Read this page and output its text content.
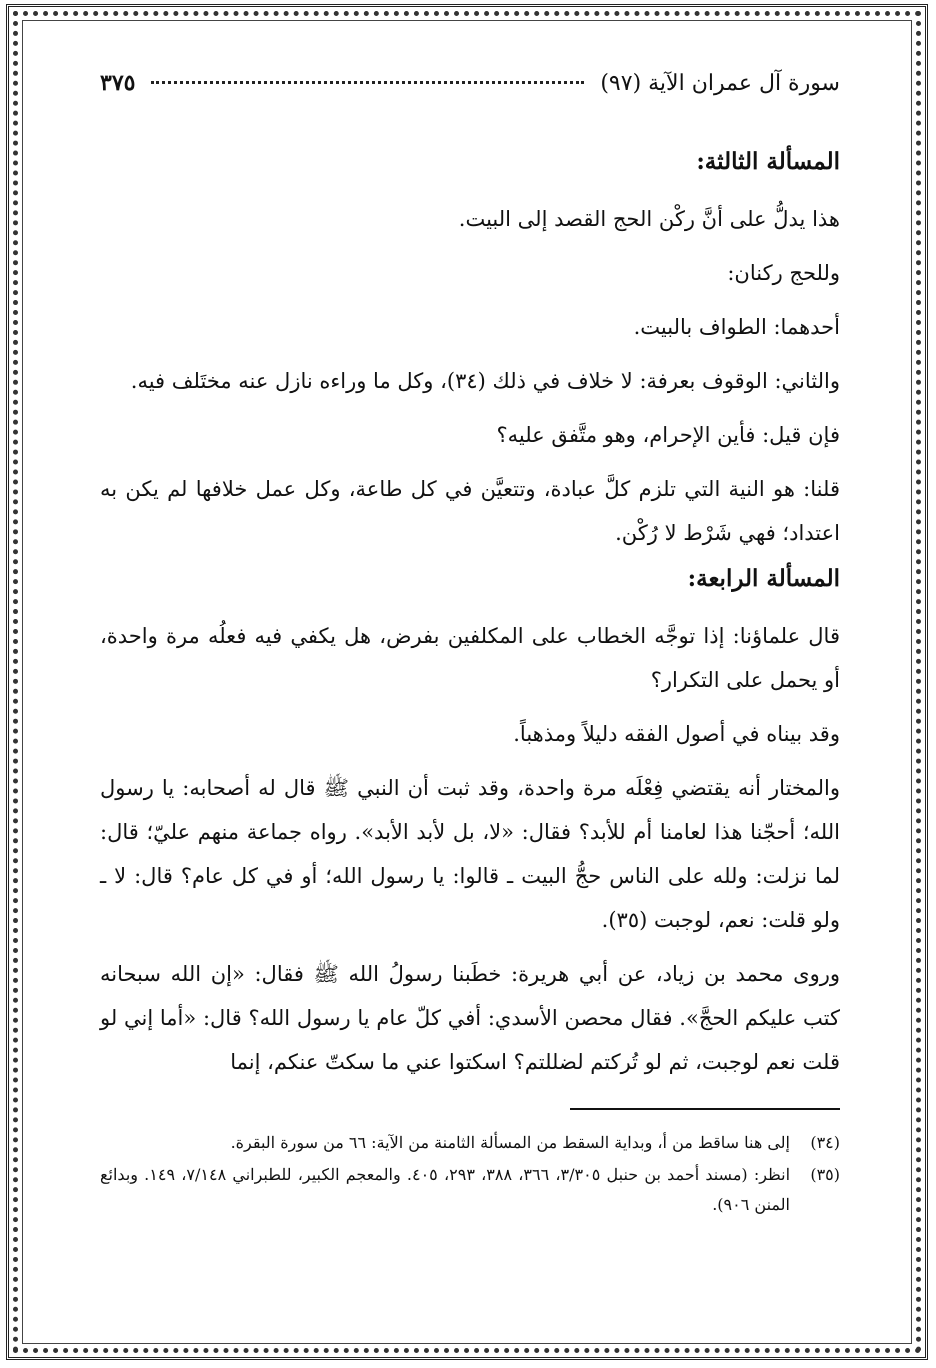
سورة آل عمران الآية (٩٧)
٣٧٥
المسألة الثالثة:

هذا يدلُّ على أنَّ ركْن الحج القصد إلى البيت.

وللحج ركنان:

أحدهما: الطواف بالبيت.

والثاني: الوقوف بعرفة: لا خلاف في ذلك (٣٤)، وكل ما وراءه نازل عنه مختَلف فيه.

فإن قيل: فأين الإحرام، وهو متَّفق عليه؟

قلنا: هو النية التي تلزم كلَّ عبادة، وتتعيَّن في كل طاعة، وكل عمل خلافها لم يكن به اعتداد؛ فهي شَرْط لا رُكْن.

المسألة الرابعة:

قال علماؤنا: إذا توجَّه الخطاب على المكلفين بفرض، هل يكفي فيه فعلُه مرة واحدة، أو يحمل على التكرار؟

وقد بيناه في أصول الفقه دليلاً ومذهباً.

والمختار أنه يقتضي فِعْلَه مرة واحدة، وقد ثبت أن النبي ﷺ قال له أصحابه: يا رسول الله؛ أحجّنا هذا لعامنا أم للأبد؟ فقال: «لا، بل لأبد الأبد». رواه جماعة منهم عليّ؛ قال: لما نزلت: ولله على الناس حجُّ البيت ـ قالوا: يا رسول الله؛ أو في كل عام؟ قال: لا ـ ولو قلت: نعم، لوجبت (٣٥).

وروى محمد بن زياد، عن أبي هريرة: خطَبنا رسولُ الله ﷺ فقال: «إن الله سبحانه كتب عليكم الحجَّ». فقال محصن الأسدي: أفي كلّ عام يا رسول الله؟ قال: «أما إني لو قلت نعم لوجبت، ثم لو تُركتم لضللتم؟ اسكتوا عني ما سكتّ عنكم، إنما

(٣٤)
إلى هنا ساقط من أ، وبداية السقط من المسألة الثامنة من الآية: ٦٦ من سورة البقرة.
(٣٥)
انظر: (مسند أحمد بن حنبل ٣/٣٠٥، ٣٦٦، ٣٨٨، ٢٩٣، ٤٠٥. والمعجم الكبير، للطبراني ٧/١٤٨، ١٤٩. وبدائع المنن ٩٠٦).
